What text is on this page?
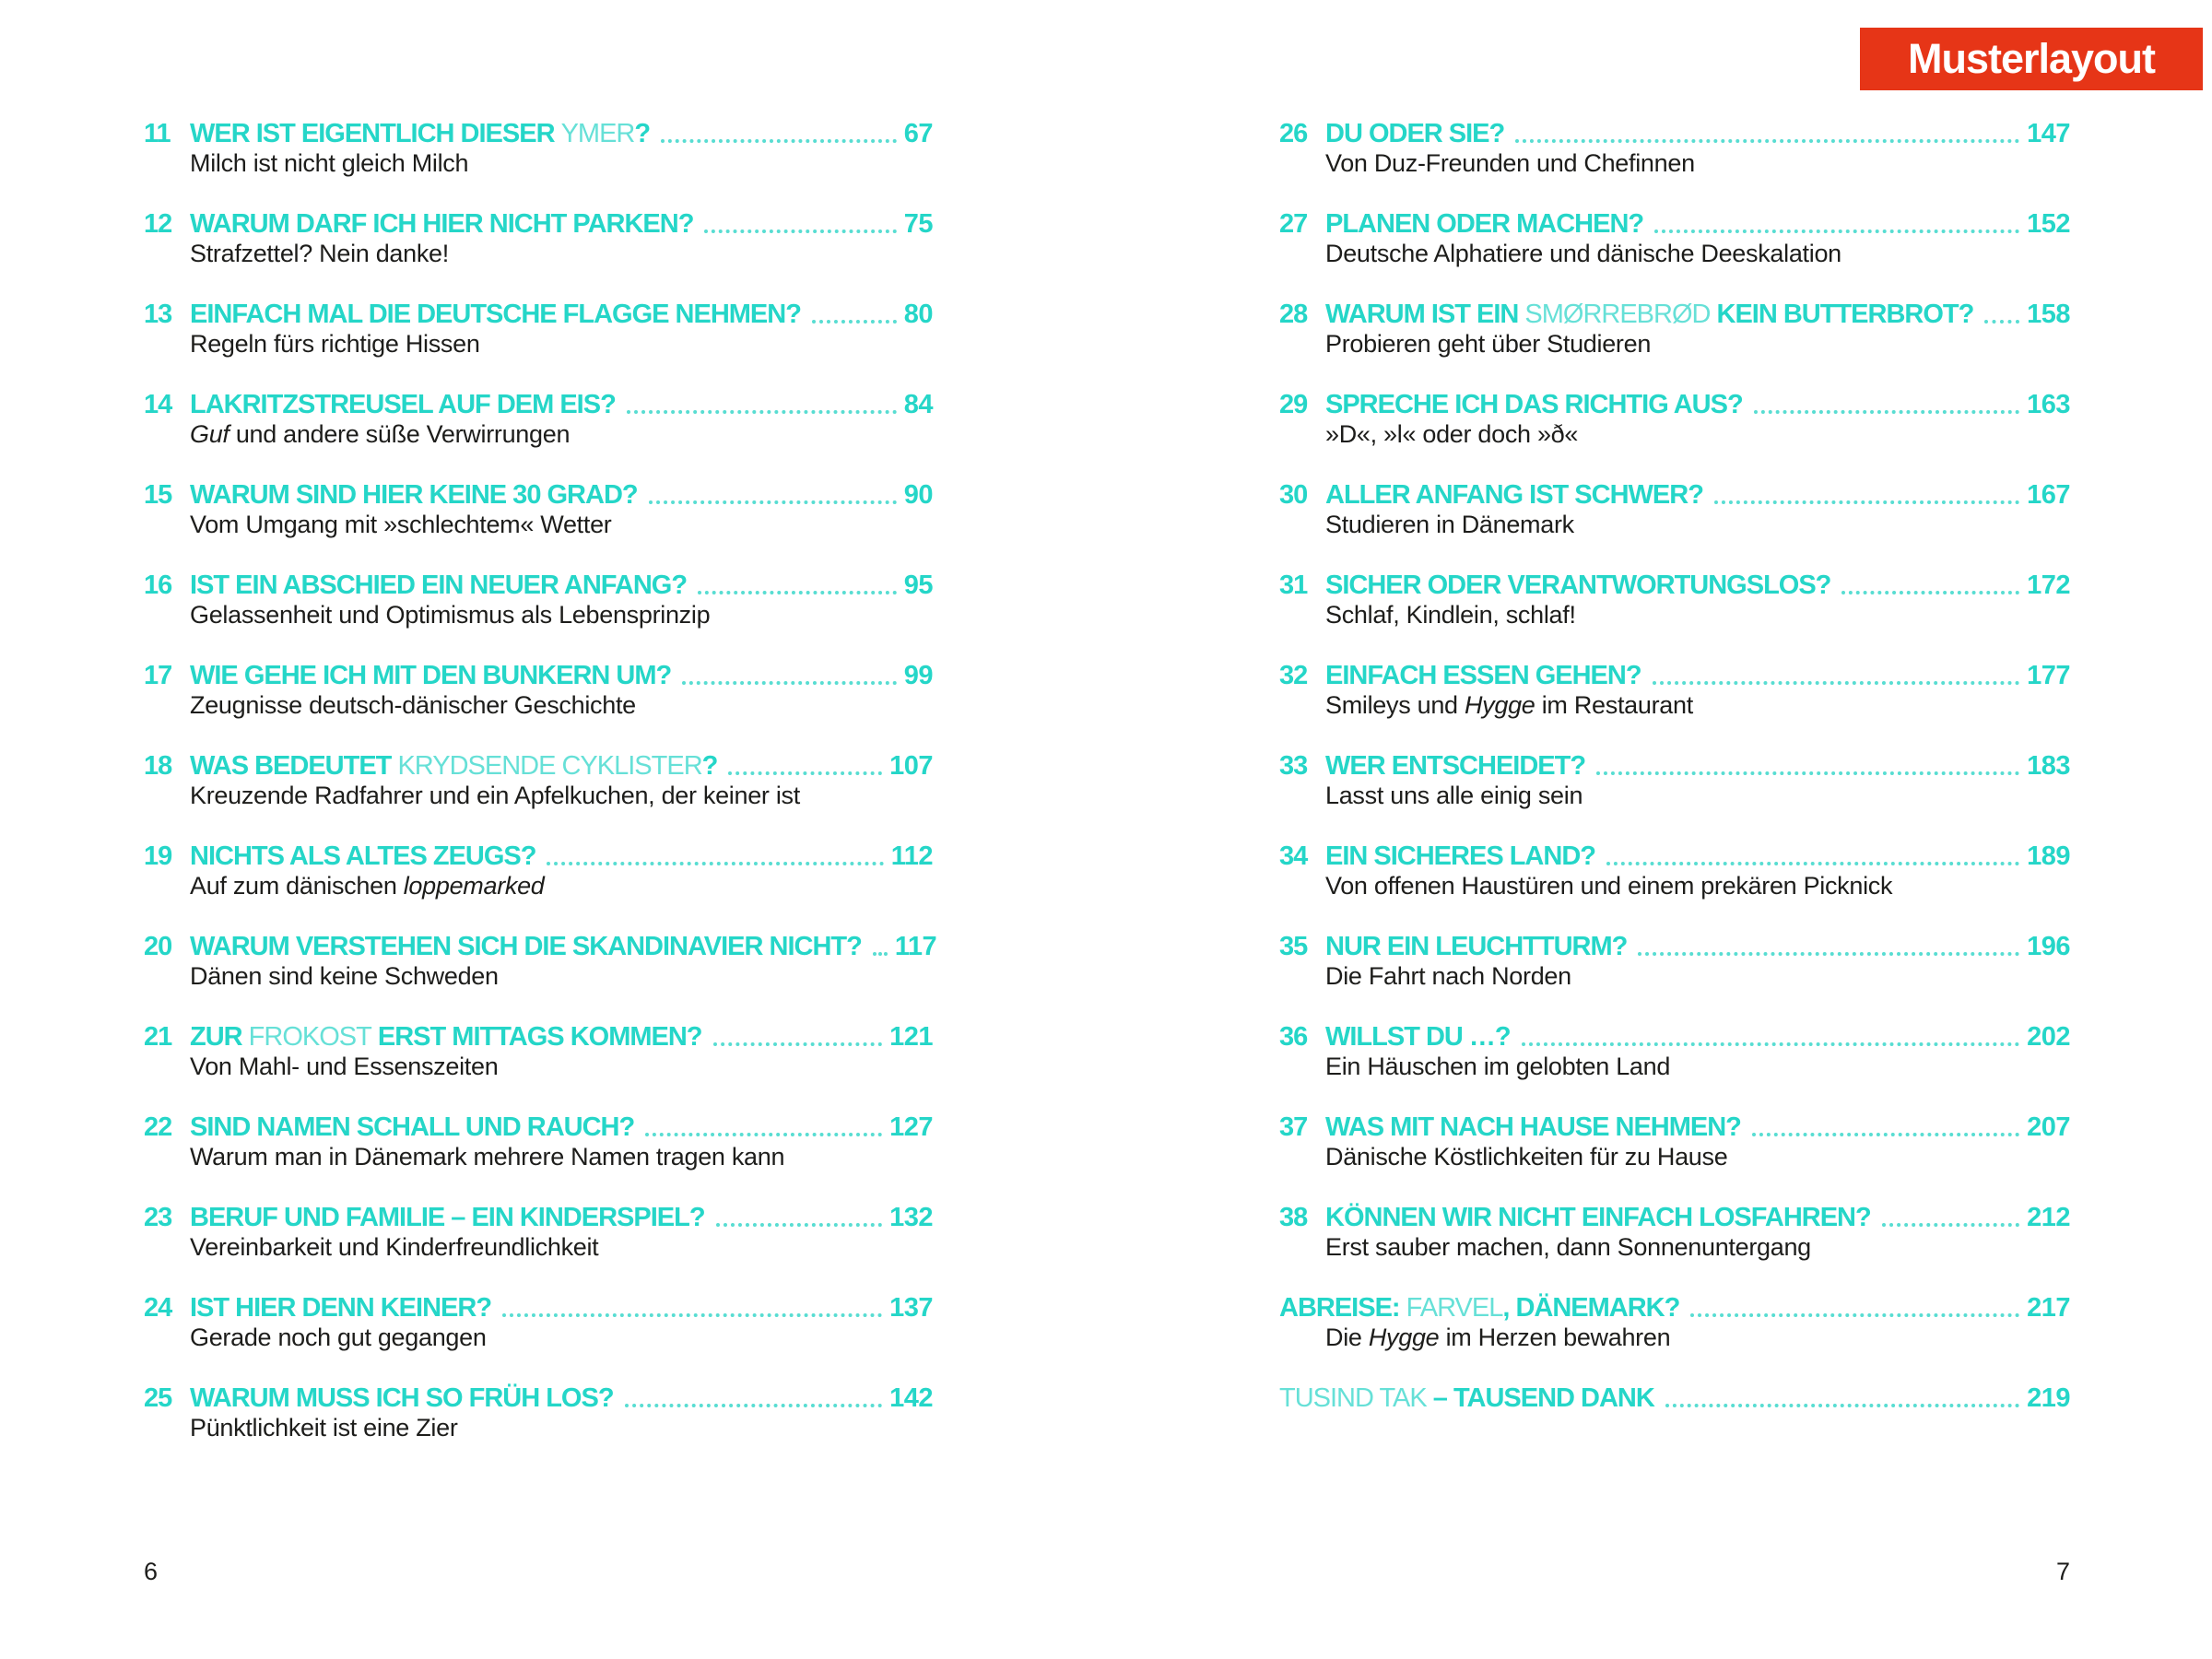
Musterlayout
11 WER IST EIGENTLICH DIESER YMER?	67
Milch ist nicht gleich Milch
12 WARUM DARF ICH HIER NICHT PARKEN?	75
Strafzettel? Nein danke!
13 EINFACH MAL DIE DEUTSCHE FLAGGE NEHMEN?	80
Regeln fürs richtige Hissen
14 LAKRITZSTREUSEL AUF DEM EIS?	84
Guf und andere süße Verwirrungen
15 WARUM SIND HIER KEINE 30 GRAD?	90
Vom Umgang mit »schlechtem« Wetter
16 IST EIN ABSCHIED EIN NEUER ANFANG?	95
Gelassenheit und Optimismus als Lebensprinzip
17 WIE GEHE ICH MIT DEN BUNKERN UM?	99
Zeugnisse deutsch-dänischer Geschichte
18 WAS BEDEUTET KRYDSENDE CYKLISTER?	107
Kreuzende Radfahrer und ein Apfelkuchen, der keiner ist
19 NICHTS ALS ALTES ZEUGS?	112
Auf zum dänischen loppemarked
20 WARUM VERSTEHEN SICH DIE SKANDINAVIER NICHT? 117
Dänen sind keine Schweden
21 ZUR FROKOST ERST MITTAGS KOMMEN?	121
Von Mahl- und Essenszeiten
22 SIND NAMEN SCHALL UND RAUCH?	127
Warum man in Dänemark mehrere Namen tragen kann
23 BERUF UND FAMILIE – EIN KINDERSPIEL?	132
Vereinbarkeit und Kinderfreundlichkeit
24 IST HIER DENN KEINER?	137
Gerade noch gut gegangen
25 WARUM MUSS ICH SO FRÜH LOS?	142
Pünktlichkeit ist eine Zier
26 DU ODER SIE?	147
Von Duz-Freunden und Chefinnen
27 PLANEN ODER MACHEN?	152
Deutsche Alphatiere und dänische Deeskalation
28 WARUM IST EIN SMØRREBRØD KEIN BUTTERBROT? 158
Probieren geht über Studieren
29 SPRECHE ICH DAS RICHTIG AUS?	163
»D«, »l« oder doch »ð«
30 ALLER ANFANG IST SCHWER?	167
Studieren in Dänemark
31 SICHER ODER VERANTWORTUNGSLOS?	172
Schlaf, Kindlein, schlaf!
32 EINFACH ESSEN GEHEN?	177
Smileys und Hygge im Restaurant
33 WER ENTSCHEIDET?	183
Lasst uns alle einig sein
34 EIN SICHERES LAND?	189
Von offenen Haustüren und einem prekären Picknick
35 NUR EIN LEUCHTTURM?	196
Die Fahrt nach Norden
36 WILLST DU …?	202
Ein Häuschen im gelobten Land
37 WAS MIT NACH HAUSE NEHMEN?	207
Dänische Köstlichkeiten für zu Hause
38 KÖNNEN WIR NICHT EINFACH LOSFAHREN?	212
Erst sauber machen, dann Sonnenuntergang
ABREISE: FARVEL, DÄNEMARK?	217
Die Hygge im Herzen bewahren
TUSIND TAK – TAUSEND DANK	219
6	7
